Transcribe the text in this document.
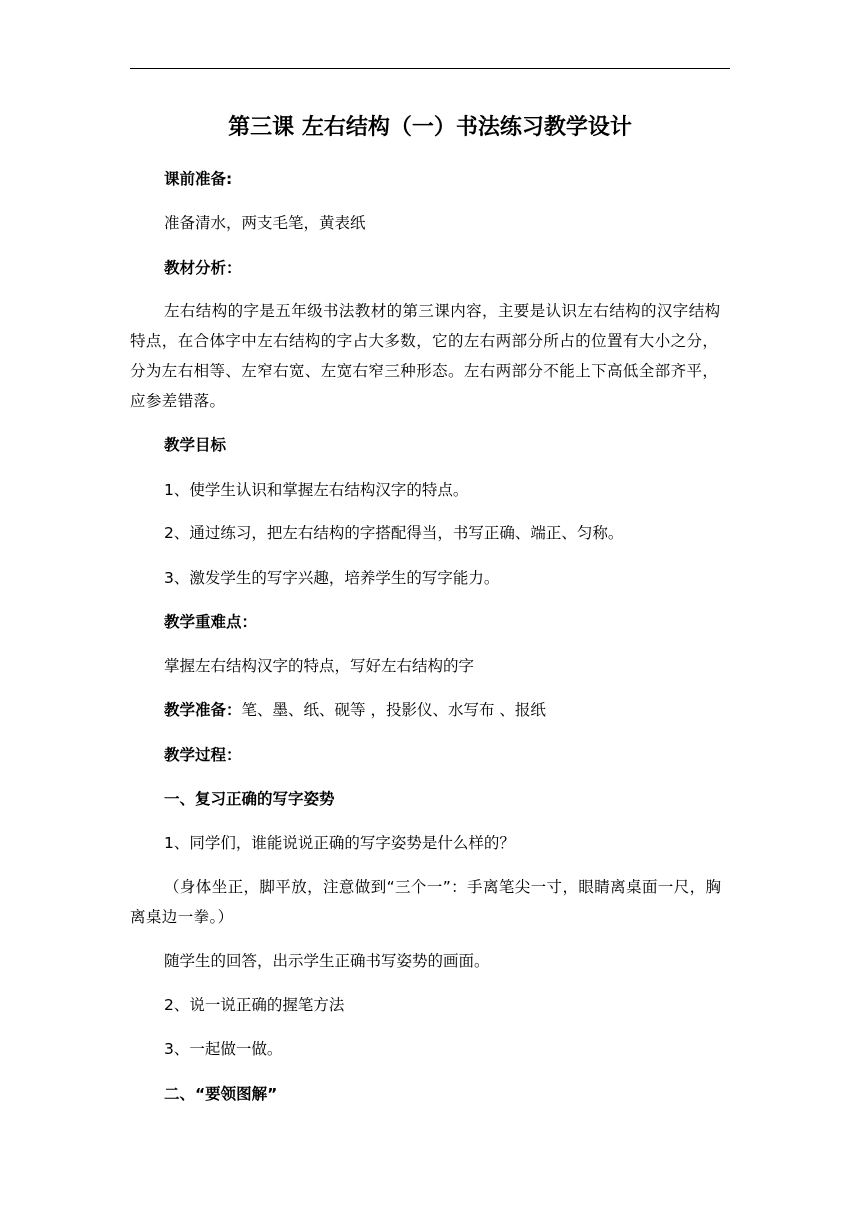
第三课 左右结构（一）书法练习教学设计
课前准备:
准备清水，两支毛笔，黄表纸
教材分析：
左右结构的字是五年级书法教材的第三课内容，主要是认识左右结构的汉字结构特点，在合体字中左右结构的字占大多数，它的左右两部分所占的位置有大小之分，分为左右相等、左窄右宽、左宽右窄三种形态。左右两部分不能上下高低全部齐平，应参差错落。
教学目标
1、使学生认识和掌握左右结构汉字的特点。
2、通过练习，把左右结构的字搭配得当，书写正确、端正、匀称。
3、激发学生的写字兴趣，培养学生的写字能力。
教学重难点：
掌握左右结构汉字的特点，写好左右结构的字
教学准备：笔、墨、纸、砚等 ，投影仪、水写布 、报纸
教学过程：
一、复习正确的写字姿势
1、同学们，谁能说说正确的写字姿势是什么样的？
（身体坐正，脚平放，注意做到“三个一”：手离笔尖一寸，眼睛离桌面一尺，胸离桌边一拳。）
随学生的回答，出示学生正确书写姿势的画面。
2、说一说正确的握笔方法
3、一起做一做。
二、“要领图解”
